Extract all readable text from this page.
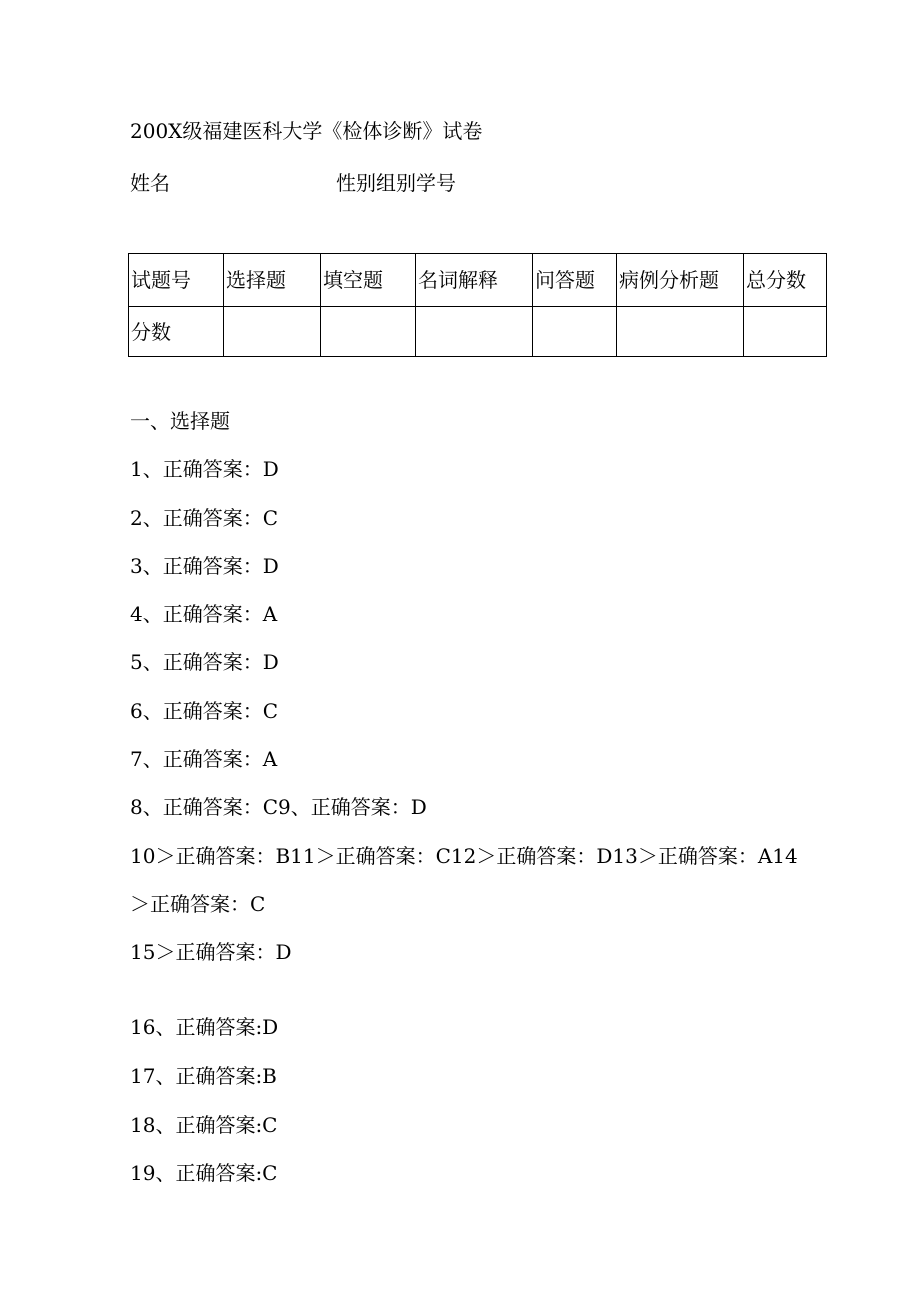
200X级福建医科大学《检体诊断》试卷
姓名	性别组别学号
试题号	选择题	填空题	名词解释	问答题	病例分析题	总分数
分数						
一、选择题
1、正确答案：D
2、正确答案：C
3、正确答案：D
4、正确答案：A
5、正确答案：D
6、正确答案：C
7、正确答案：A
8、正确答案：C9、正确答案：D
10＞正确答案：B11＞正确答案：C12＞正确答案：D13＞正确答案：A14
＞正确答案：C
15＞正确答案：D
16、正确答案:D
17、正确答案:B
18、正确答案:C
19、正确答案:C
